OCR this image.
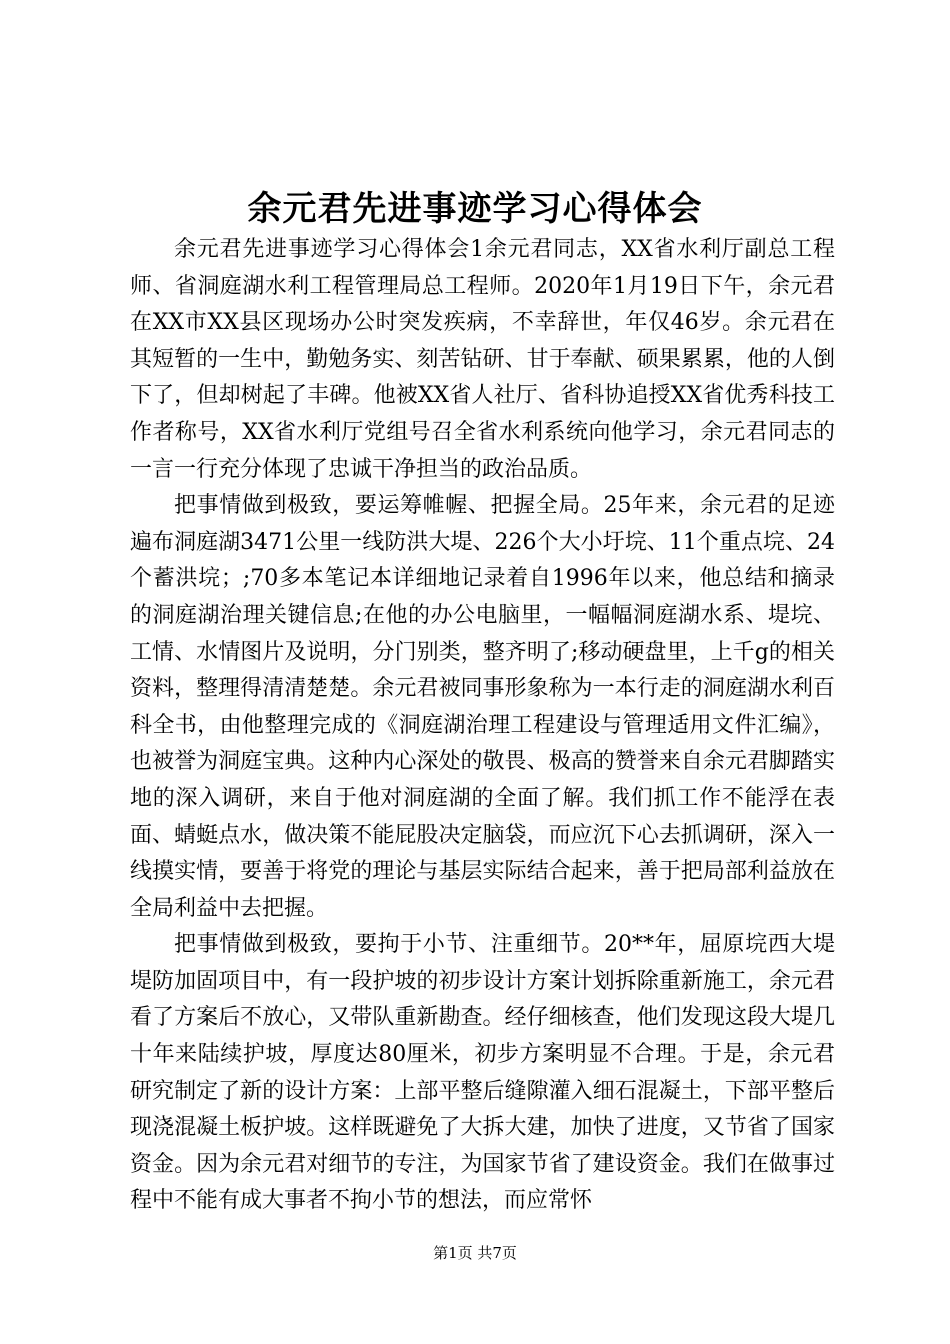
余元君先进事迹学习心得体会

余元君先进事迹学习心得体会1余元君同志，XX省水利厅副总工程师、省洞庭湖水利工程管理局总工程师。2020年1月19日下午，余元君在XX市XX县区现场办公时突发疾病，不幸辞世，年仅46岁。余元君在其短暂的一生中，勤勉务实、刻苦钻研、甘于奉献、硕果累累，他的人倒下了，但却树起了丰碑。他被XX省人社厅、省科协追授XX省优秀科技工作者称号，XX省水利厅党组号召全省水利系统向他学习，余元君同志的一言一行充分体现了忠诚干净担当的政治品质。

把事情做到极致，要运筹帷幄、把握全局。25年来，余元君的足迹遍布洞庭湖3471公里一线防洪大堤、226个大小圩垸、11个重点垸、24个蓄洪垸；;70多本笔记本详细地记录着自1996年以来，他总结和摘录的洞庭湖治理关键信息;在他的办公电脑里，一幅幅洞庭湖水系、堤垸、工情、水情图片及说明，分门别类，整齐明了;移动硬盘里，上千g的相关资料，整理得清清楚楚。余元君被同事形象称为一本行走的洞庭湖水利百科全书，由他整理完成的《洞庭湖治理工程建设与管理适用文件汇编》，也被誉为洞庭宝典。这种内心深处的敬畏、极高的赞誉来自余元君脚踏实地的深入调研，来自于他对洞庭湖的全面了解。我们抓工作不能浮在表面、蜻蜓点水，做决策不能屁股决定脑袋，而应沉下心去抓调研，深入一线摸实情，要善于将党的理论与基层实际结合起来，善于把局部利益放在全局利益中去把握。

把事情做到极致，要拘于小节、注重细节。20**年，屈原垸西大堤堤防加固项目中，有一段护坡的初步设计方案计划拆除重新施工，余元君看了方案后不放心，又带队重新勘查。经仔细核查，他们发现这段大堤几十年来陆续护坡，厚度达80厘米，初步方案明显不合理。于是，余元君研究制定了新的设计方案：上部平整后缝隙灌入细石混凝土，下部平整后现浇混凝土板护坡。这样既避免了大拆大建，加快了进度，又节省了国家资金。因为余元君对细节的专注，为国家节省了建设资金。我们在做事过程中不能有成大事者不拘小节的想法，而应常怀

第1页 共7页
